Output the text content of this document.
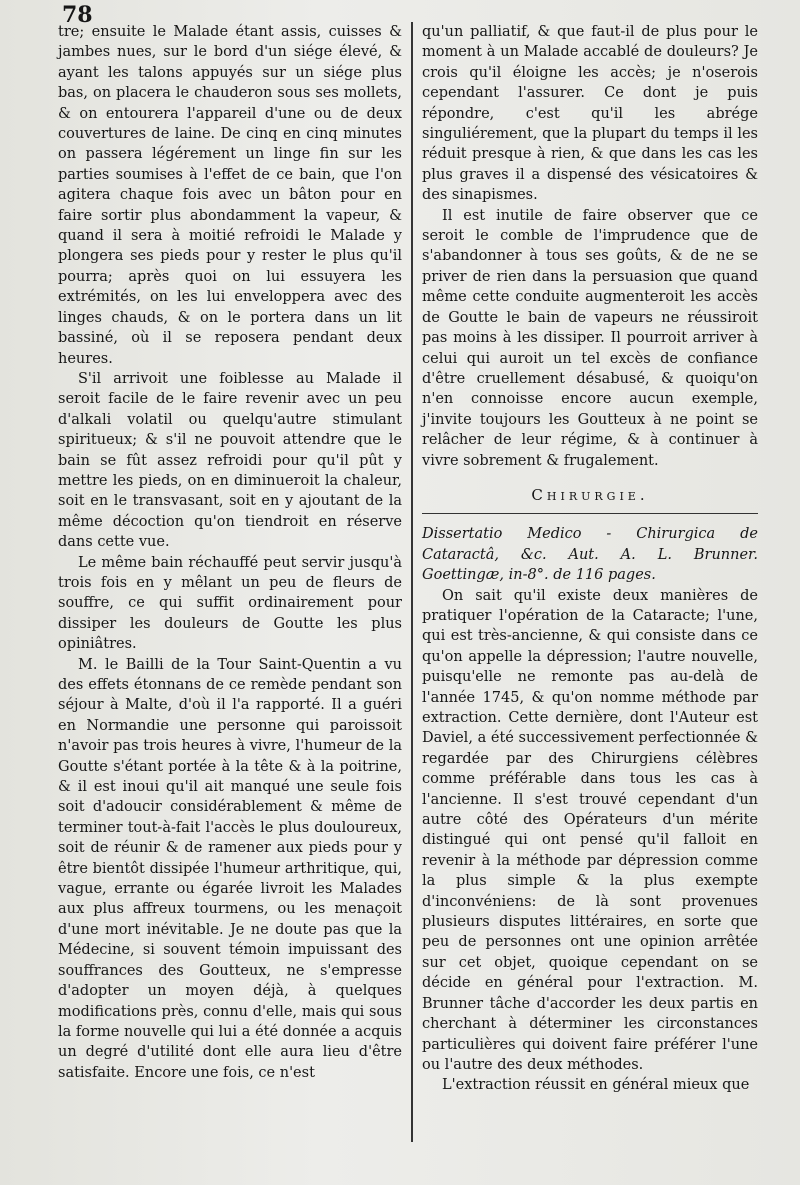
78

tre; ensuite le Malade étant assis, cuisses & jambes nues, sur le bord d'un siége élevé, & ayant les talons appuyés sur un siége plus bas, on placera le chauderon sous ses mollets, & on entourera l'appareil d'une ou de deux couvertures de laine. De cinq en cinq minutes on passera légérement un linge fin sur les parties soumises à l'effet de ce bain, que l'on agitera chaque fois avec un bâton pour en faire sortir plus abondamment la vapeur, & quand il sera à moitié refroidi le Malade y plongera ses pieds pour y rester le plus qu'il pourra; après quoi on lui essuyera les extrémités, on les lui enveloppera avec des linges chauds, & on le portera dans un lit bassiné, où il se reposera pendant deux heures.

S'il arrivoit une foiblesse au Malade il seroit facile de le faire revenir avec un peu d'alkali volatil ou quelqu'autre stimulant spiritueux; & s'il ne pouvoit attendre que le bain se fût assez refroidi pour qu'il pût y mettre les pieds, on en diminueroit la chaleur, soit en le transvasant, soit en y ajoutant de la même décoction qu'on tiendroit en réserve dans cette vue.

Le même bain réchauffé peut servir jusqu'à trois fois en y mêlant un peu de fleurs de souffre, ce qui suffit ordinairement pour dissiper les douleurs de Goutte les plus opiniâtres.

M. le Bailli de la Tour Saint-Quentin a vu des effets étonnans de ce remède pendant son séjour à Malte, d'où il l'a rapporté. Il a guéri en Normandie une personne qui paroissoit n'avoir pas trois heures à vivre, l'humeur de la Goutte s'étant portée à la tête & à la poitrine, & il est inoui qu'il ait manqué une seule fois soit d'adoucir considérablement & même de terminer tout-à-fait l'accès le plus douloureux, soit de réunir & de ramener aux pieds pour y être bientôt dissipée l'humeur arthritique, qui, vague, errante ou égarée livroit les Malades aux plus affreux tourmens, ou les menaçoit d'une mort inévitable. Je ne doute pas que la Médecine, si souvent témoin impuissant des souffrances des Goutteux, ne s'empresse d'adopter un moyen déjà, à quelques modifications près, connu d'elle, mais qui sous la forme nouvelle qui lui a été donnée a acquis un degré d'utilité dont elle aura lieu d'être satisfaite. Encore une fois, ce n'est

qu'un palliatif, & que faut-il de plus pour le moment à un Malade accablé de douleurs? Je crois qu'il éloigne les accès; je n'oserois cependant l'assurer. Ce dont je puis répondre, c'est qu'il les abrége singuliérement, que la plupart du temps il les réduit presque à rien, & que dans les cas les plus graves il a dispensé des vésicatoires & des sinapismes.

Il est inutile de faire observer que ce seroit le comble de l'imprudence que de s'abandonner à tous ses goûts, & de ne se priver de rien dans la persuasion que quand même cette conduite augmenteroit les accès de Goutte le bain de vapeurs ne réussiroit pas moins à les dissiper. Il pourroit arriver à celui qui auroit un tel excès de confiance d'être cruellement désabusé, & quoiqu'on n'en connoisse encore aucun exemple, j'invite toujours les Goutteux à ne point se relâcher de leur régime, & à continuer à vivre sobrement & frugalement.

Chirurgie.

Dissertatio Medico - Chirurgica de Cataractâ, &c. Aut. A. L. Brunner. Goettingæ, in-8°. de 116 pages.

On sait qu'il existe deux manières de pratiquer l'opération de la Cataracte; l'une, qui est très-ancienne, & qui consiste dans ce qu'on appelle la dépression; l'autre nouvelle, puisqu'elle ne remonte pas au-delà de l'année 1745, & qu'on nomme méthode par extraction. Cette dernière, dont l'Auteur est Daviel, a été successivement perfectionnée & regardée par des Chirurgiens célèbres comme préférable dans tous les cas à l'ancienne. Il s'est trouvé cependant d'un autre côté des Opérateurs d'un mérite distingué qui ont pensé qu'il falloit en revenir à la méthode par dépression comme la plus simple & la plus exempte d'inconvéniens: de là sont provenues plusieurs disputes littéraires, en sorte que peu de personnes ont une opinion arrêtée sur cet objet, quoique cependant on se décide en général pour l'extraction. M. Brunner tâche d'accorder les deux partis en cherchant à déterminer les circonstances particulières qui doivent faire préférer l'une ou l'autre des deux méthodes.

L'extraction réussit en général mieux que
